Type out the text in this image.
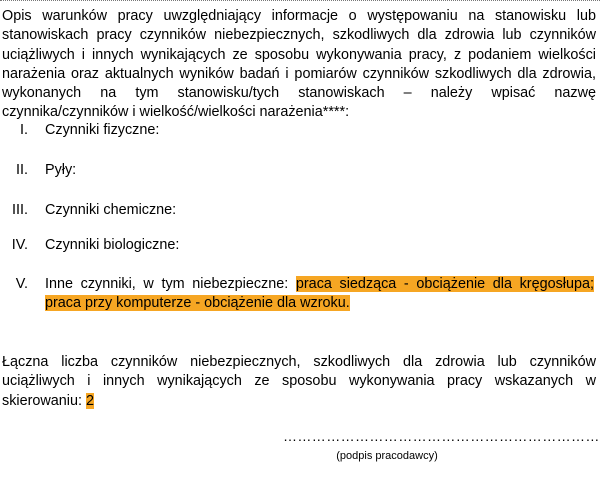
Opis warunków pracy uwzględniający informacje o występowaniu na stanowisku lub stanowiskach pracy czynników niebezpiecznych, szkodliwych dla zdrowia lub czynników uciążliwych i innych wynikających ze sposobu wykonywania pracy, z podaniem wielkości narażenia oraz aktualnych wyników badań i pomiarów czynników szkodliwych dla zdrowia, wykonanych na tym stanowisku/tych stanowiskach – należy wpisać nazwę czynnika/czynników i wielkość/wielkości narażenia****:

I. Czynniki fizyczne:
II. Pyły:
III. Czynniki chemiczne:
IV. Czynniki biologiczne:
V. Inne czynniki, w tym niebezpieczne: praca siedząca - obciążenie dla kręgosłupa; praca przy komputerze - obciążenie dla wzroku.

Łączna liczba czynników niebezpiecznych, szkodliwych dla zdrowia lub czynników uciążliwych i innych wynikających ze sposobu wykonywania pracy wskazanych w skierowaniu: 2

…………………………………………………………
(podpis pracodawcy)
